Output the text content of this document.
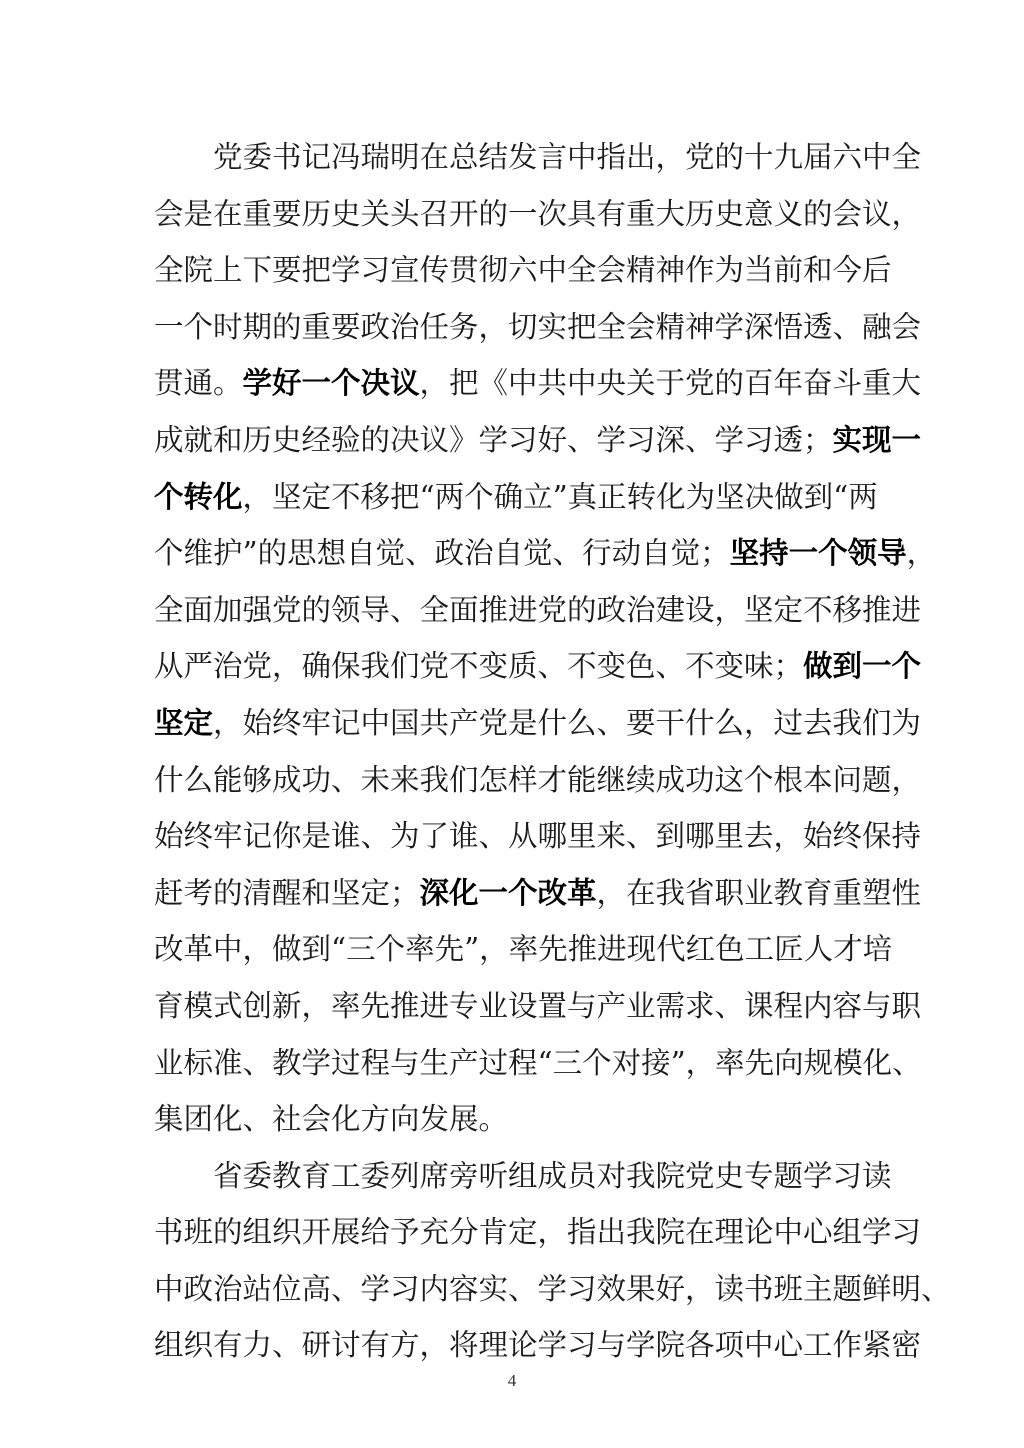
党委书记冯瑞明在总结发言中指出，党的十九届六中全
会是在重要历史关头召开的一次具有重大历史意义的会议，
全院上下要把学习宣传贯彻六中全会精神作为当前和今后
一个时期的重要政治任务，切实把全会精神学深悟透、融会
贯通。学好一个决议，把《中共中央关于党的百年奋斗重大
成就和历史经验的决议》学习好、学习深、学习透；实现一
个转化，坚定不移把“两个确立”真正转化为坚决做到“两
个维护”的思想自觉、政治自觉、行动自觉；坚持一个领导，
全面加强党的领导、全面推进党的政治建设，坚定不移推进
从严治党，确保我们党不变质、不变色、不变味；做到一个
坚定，始终牢记中国共产党是什么、要干什么，过去我们为
什么能够成功、未来我们怎样才能继续成功这个根本问题，
始终牢记你是谁、为了谁、从哪里来、到哪里去，始终保持
赶考的清醒和坚定；深化一个改革，在我省职业教育重塑性
改革中，做到“三个率先”，率先推进现代红色工匠人才培
育模式创新，率先推进专业设置与产业需求、课程内容与职
业标准、教学过程与生产过程“三个对接”，率先向规模化、
集团化、社会化方向发展。
省委教育工委列席旁听组成员对我院党史专题学习读
书班的组织开展给予充分肯定，指出我院在理论中心组学习
中政治站位高、学习内容实、学习效果好，读书班主题鲜明、
组织有力、研讨有方，将理论学习与学院各项中心工作紧密
4
